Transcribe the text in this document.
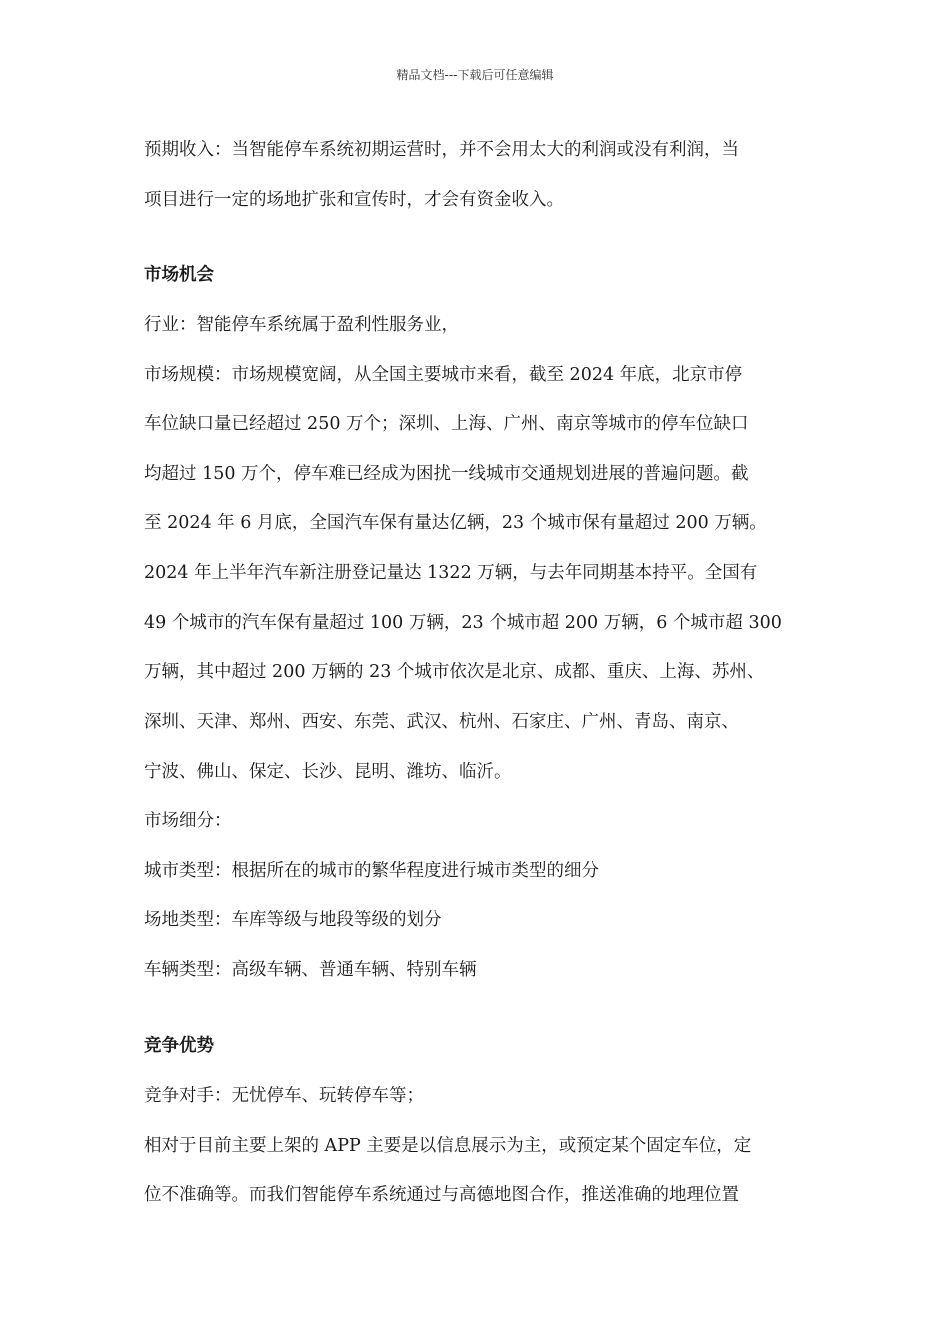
精品文档---下载后可任意编辑
预期收入：当智能停车系统初期运营时，并不会用太大的利润或没有利润，当
项目进行一定的场地扩张和宣传时，才会有资金收入。
市场机会
行业：智能停车系统属于盈利性服务业，
市场规模：市场规模宽阔，从全国主要城市来看，截至 2024 年底，北京市停
车位缺口量已经超过 250 万个；深圳、上海、广州、南京等城市的停车位缺口
均超过 150 万个，停车难已经成为困扰一线城市交通规划进展的普遍问题。截
至 2024 年 6 月底，全国汽车保有量达亿辆，23 个城市保有量超过 200 万辆。
2024 年上半年汽车新注册登记量达 1322 万辆，与去年同期基本持平。全国有
49 个城市的汽车保有量超过 100 万辆，23 个城市超 200 万辆，6 个城市超 300
万辆，其中超过 200 万辆的 23 个城市依次是北京、成都、重庆、上海、苏州、
深圳、天津、郑州、西安、东莞、武汉、杭州、石家庄、广州、青岛、南京、
宁波、佛山、保定、长沙、昆明、潍坊、临沂。
市场细分：
城市类型：根据所在的城市的繁华程度进行城市类型的细分
场地类型：车库等级与地段等级的划分
车辆类型：高级车辆、普通车辆、特别车辆
竞争优势
竞争对手：无忧停车、玩转停车等；
相对于目前主要上架的 APP 主要是以信息展示为主，或预定某个固定车位，定
位不准确等。而我们智能停车系统通过与高德地图合作，推送准确的地理位置
